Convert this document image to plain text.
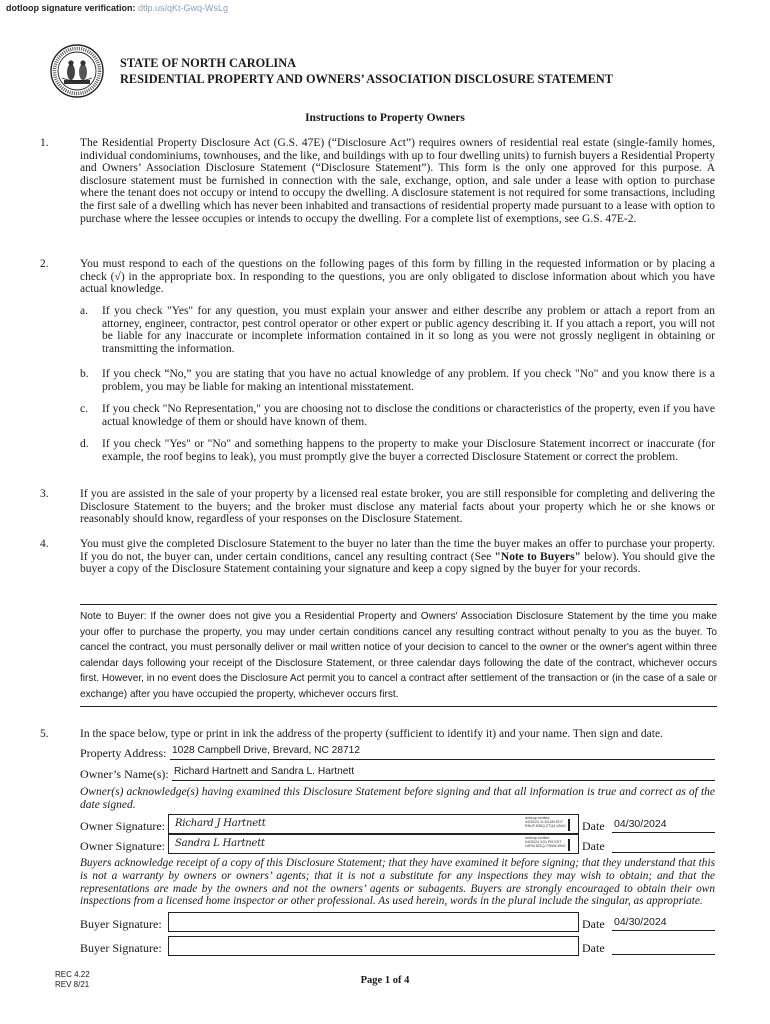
dotloop signature verification: dtlp.us/qKt-Gwq-WsLg
STATE OF NORTH CAROLINA
RESIDENTIAL PROPERTY AND OWNERS’ ASSOCIATION DISCLOSURE STATEMENT
Instructions to Property Owners
1.	The Residential Property Disclosure Act (G.S. 47E) (“Disclosure Act”) requires owners of residential real estate (single-family homes, individual condominiums, townhouses, and the like, and buildings with up to four dwelling units) to furnish buyers a Residential Property and Owners’ Association Disclosure Statement (“Disclosure Statement”). This form is the only one approved for this purpose. A disclosure statement must be furnished in connection with the sale, exchange, option, and sale under a lease with option to purchase where the tenant does not occupy or intend to occupy the dwelling. A disclosure statement is not required for some transactions, including the first sale of a dwelling which has never been inhabited and transactions of residential property made pursuant to a lease with option to purchase where the lessee occupies or intends to occupy the dwelling. For a complete list of exemptions, see G.S. 47E-2.
2.	You must respond to each of the questions on the following pages of this form by filling in the requested information or by placing a check (√) in the appropriate box. In responding to the questions, you are only obligated to disclose information about which you have actual knowledge.
a. If you check "Yes" for any question, you must explain your answer and either describe any problem or attach a report from an attorney, engineer, contractor, pest control operator or other expert or public agency describing it. If you attach a report, you will not be liable for any inaccurate or incomplete information contained in it so long as you were not grossly negligent in obtaining or transmitting the information.
b. If you check “No,” you are stating that you have no actual knowledge of any problem. If you check "No" and you know there is a problem, you may be liable for making an intentional misstatement.
c. If you check "No Representation," you are choosing not to disclose the conditions or characteristics of the property, even if you have actual knowledge of them or should have known of them.
d. If you check "Yes" or "No" and something happens to the property to make your Disclosure Statement incorrect or inaccurate (for example, the roof begins to leak), you must promptly give the buyer a corrected Disclosure Statement or correct the problem.
3.	If you are assisted in the sale of your property by a licensed real estate broker, you are still responsible for completing and delivering the Disclosure Statement to the buyers; and the broker must disclose any material facts about your property which he or she knows or reasonably should know, regardless of your responses on the Disclosure Statement.
4.	You must give the completed Disclosure Statement to the buyer no later than the time the buyer makes an offer to purchase your property. If you do not, the buyer can, under certain conditions, cancel any resulting contract (See "Note to Buyers" below). You should give the buyer a copy of the Disclosure Statement containing your signature and keep a copy signed by the buyer for your records.
Note to Buyer: If the owner does not give you a Residential Property and Owners' Association Disclosure Statement by the time you make your offer to purchase the property, you may under certain conditions cancel any resulting contract without penalty to you as the buyer. To cancel the contract, you must personally deliver or mail written notice of your decision to cancel to the owner or the owner's agent within three calendar days following your receipt of the Disclosure Statement, or three calendar days following the date of the contract, whichever occurs first. However, in no event does the Disclosure Act permit you to cancel a contract after settlement of the transaction or (in the case of a sale or exchange) after you have occupied the property, whichever occurs first.
5.	In the space below, type or print in ink the address of the property (sufficient to identify it) and your name. Then sign and date.
Property Address: 1028 Campbell Drive, Brevard, NC 28712
Owner’s Name(s): Richard Hartnett and Sandra L. Hartnett
Owner(s) acknowledge(s) having examined this Disclosure Statement before signing and that all information is true and correct as of the date signed.
Owner Signature: Richard J Hartnett	dotloop verified
04/30/24 11:54 AM EDT
RNUF-BBIQ-ZTQ4-VAVU Date 04/30/2024
Owner Signature: Sandra L Hartnett	dotloop verified
04/30/24 3:01 PM EDT
L6FW-8Z1Q-TSNW-WNJ Date
Buyers acknowledge receipt of a copy of this Disclosure Statement; that they have examined it before signing; that they understand that this is not a warranty by owners or owners’ agents; that it is not a substitute for any inspections they may wish to obtain; and that the representations are made by the owners and not the owners’ agents or subagents. Buyers are strongly encouraged to obtain their own inspections from a licensed home inspector or other professional. As used herein, words in the plural include the singular, as appropriate.
Buyer Signature:	Date 04/30/2024
Buyer Signature:	Date
REC 4.22
REV 8/21	Page 1 of 4
